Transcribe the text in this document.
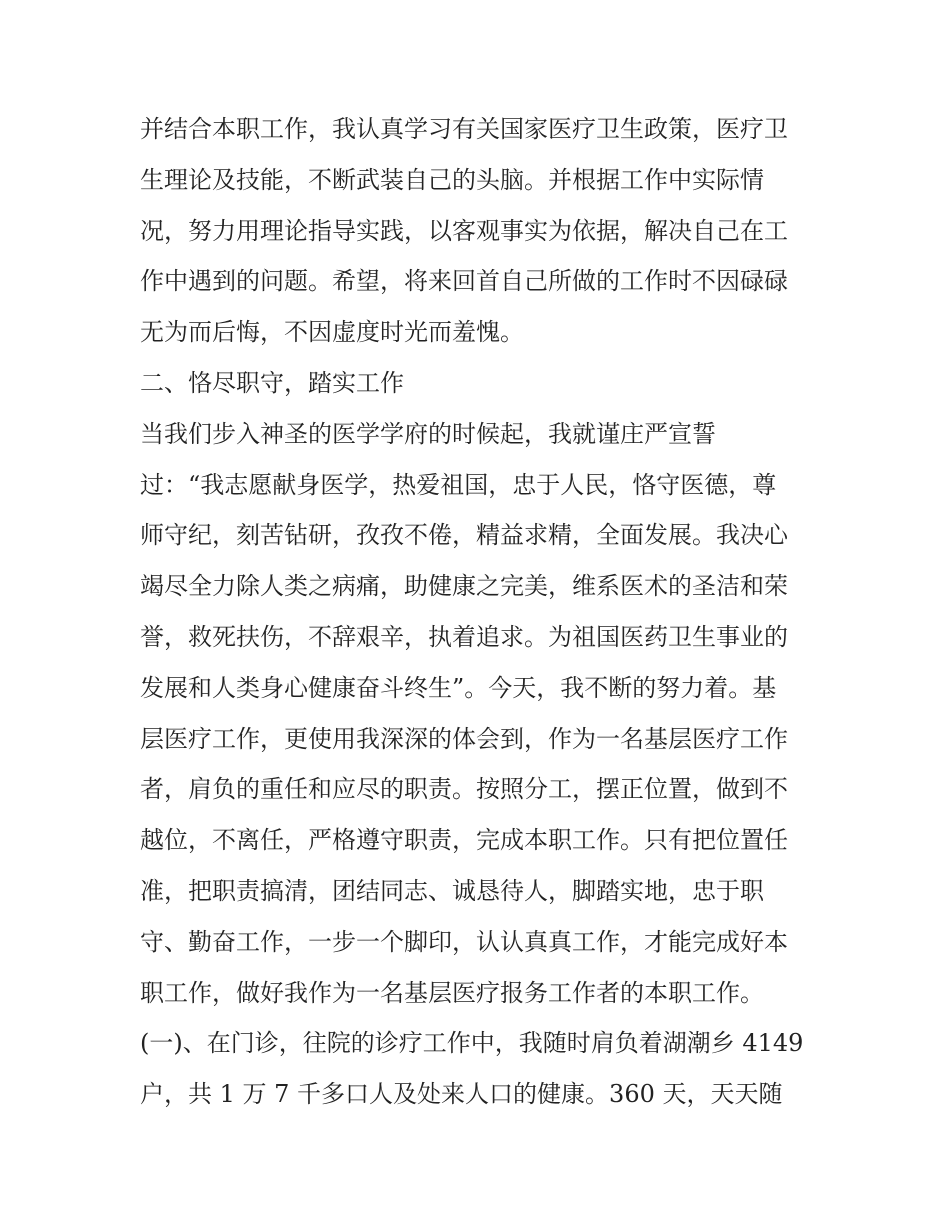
并结合本职工作，我认真学习有关国家医疗卫生政策，医疗卫
生理论及技能，不断武装自己的头脑。并根据工作中实际情
况，努力用理论指导实践，以客观事实为依据，解决自己在工
作中遇到的问题。希望，将来回首自己所做的工作时不因碌碌
无为而后悔，不因虚度时光而羞愧。
二、恪尽职守，踏实工作
当我们步入神圣的医学学府的时候起，我就谨庄严宣誓
过：“我志愿献身医学，热爱祖国，忠于人民，恪守医德，尊
师守纪，刻苦钻研，孜孜不倦，精益求精，全面发展。我决心
竭尽全力除人类之病痛，助健康之完美，维系医术的圣洁和荣
誉，救死扶伤，不辞艰辛，执着追求。为祖国医药卫生事业的
发展和人类身心健康奋斗终生”。今天，我不断的努力着。基
层医疗工作，更使用我深深的体会到，作为一名基层医疗工作
者，肩负的重任和应尽的职责。按照分工，摆正位置，做到不
越位，不离任，严格遵守职责，完成本职工作。只有把位置任
准，把职责搞清，团结同志、诚恳待人，脚踏实地，忠于职
守、勤奋工作，一步一个脚印，认认真真工作，才能完成好本
职工作，做好我作为一名基层医疗报务工作者的本职工作。
(一)、在门诊，往院的诊疗工作中，我随时肩负着湖潮乡 4149
户，共 1 万 7 千多口人及处来人口的健康。360 天，天天随
